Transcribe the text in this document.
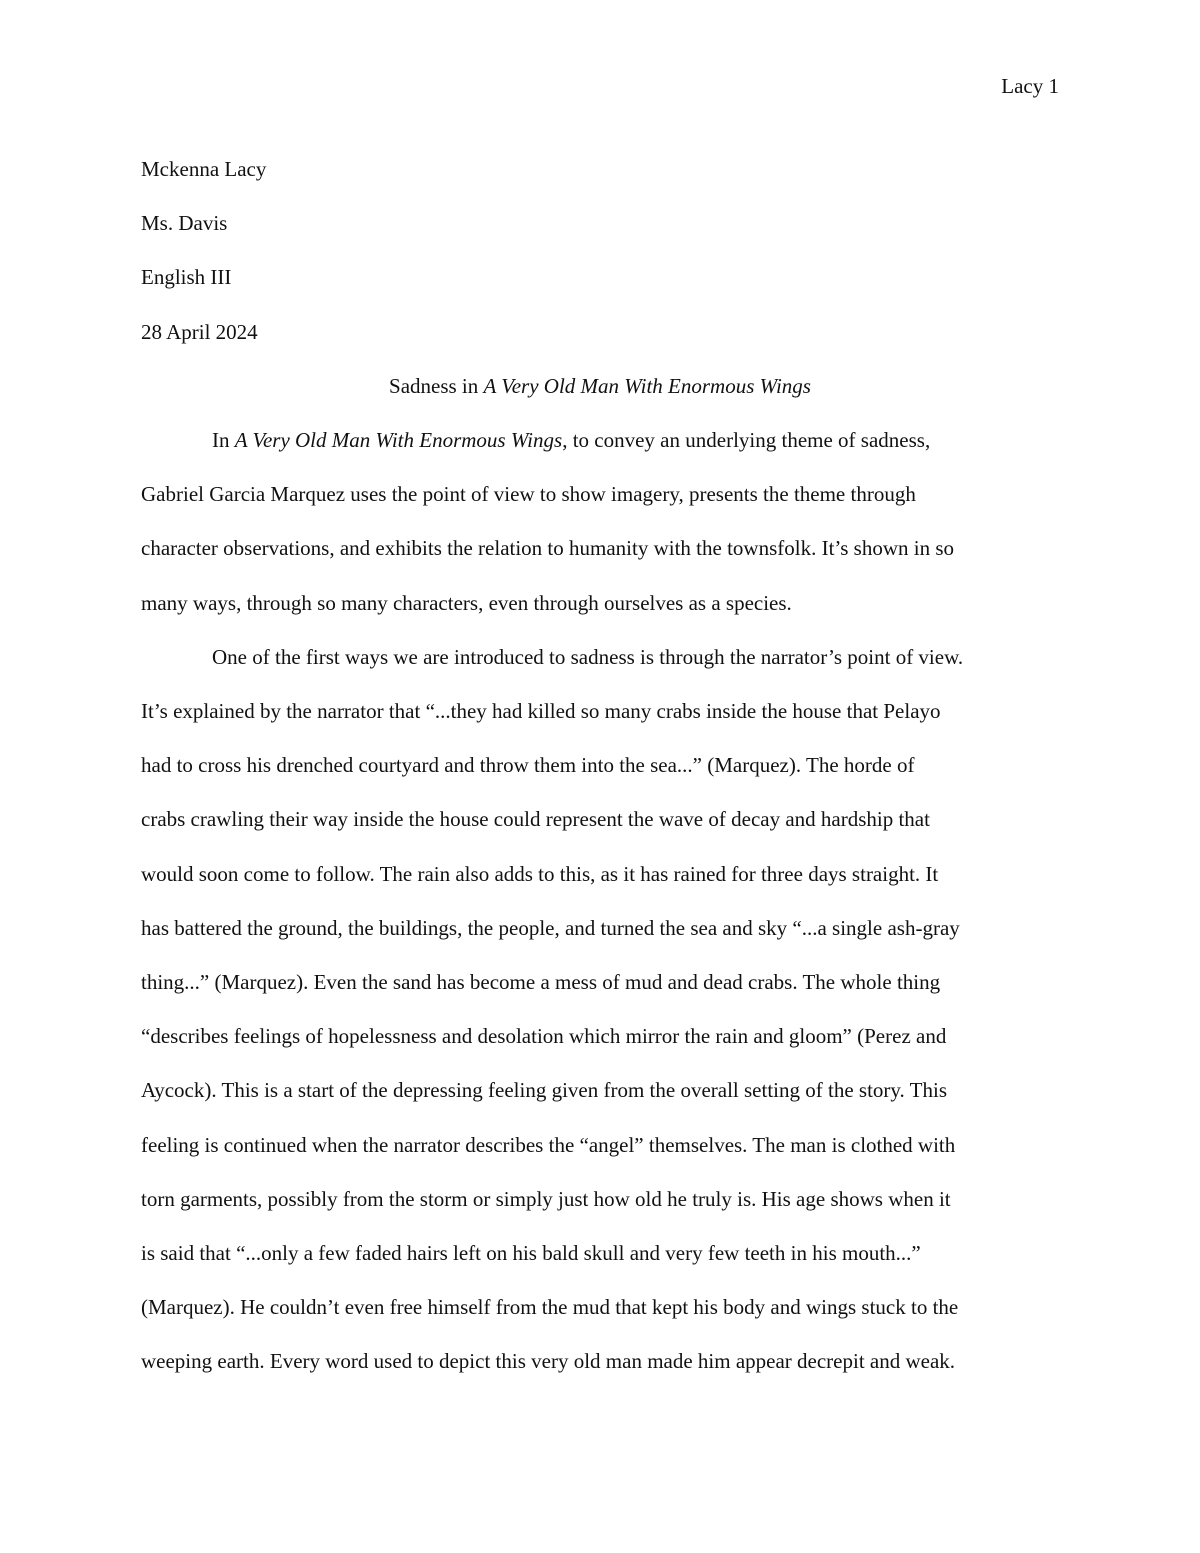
Lacy 1

Mckenna Lacy

Ms. Davis

English III

28 April 2024

Sadness in A Very Old Man With Enormous Wings

In A Very Old Man With Enormous Wings, to convey an underlying theme of sadness,
Gabriel Garcia Marquez uses the point of view to show imagery, presents the theme through
character observations, and exhibits the relation to humanity with the townsfolk. It’s shown in so
many ways, through so many characters, even through ourselves as a species.
One of the first ways we are introduced to sadness is through the narrator’s point of view.
It’s explained by the narrator that “...they had killed so many crabs inside the house that Pelayo
had to cross his drenched courtyard and throw them into the sea...” (Marquez). The horde of
crabs crawling their way inside the house could represent the wave of decay and hardship that
would soon come to follow. The rain also adds to this, as it has rained for three days straight. It
has battered the ground, the buildings, the people, and turned the sea and sky “...a single ash-gray
thing...” (Marquez). Even the sand has become a mess of mud and dead crabs. The whole thing
“describes feelings of hopelessness and desolation which mirror the rain and gloom” (Perez and
Aycock). This is a start of the depressing feeling given from the overall setting of the story. This
feeling is continued when the narrator describes the “angel” themselves. The man is clothed with
torn garments, possibly from the storm or simply just how old he truly is. His age shows when it
is said that “...only a few faded hairs left on his bald skull and very few teeth in his mouth...”
(Marquez). He couldn’t even free himself from the mud that kept his body and wings stuck to the
weeping earth. Every word used to depict this very old man made him appear decrepit and weak.
